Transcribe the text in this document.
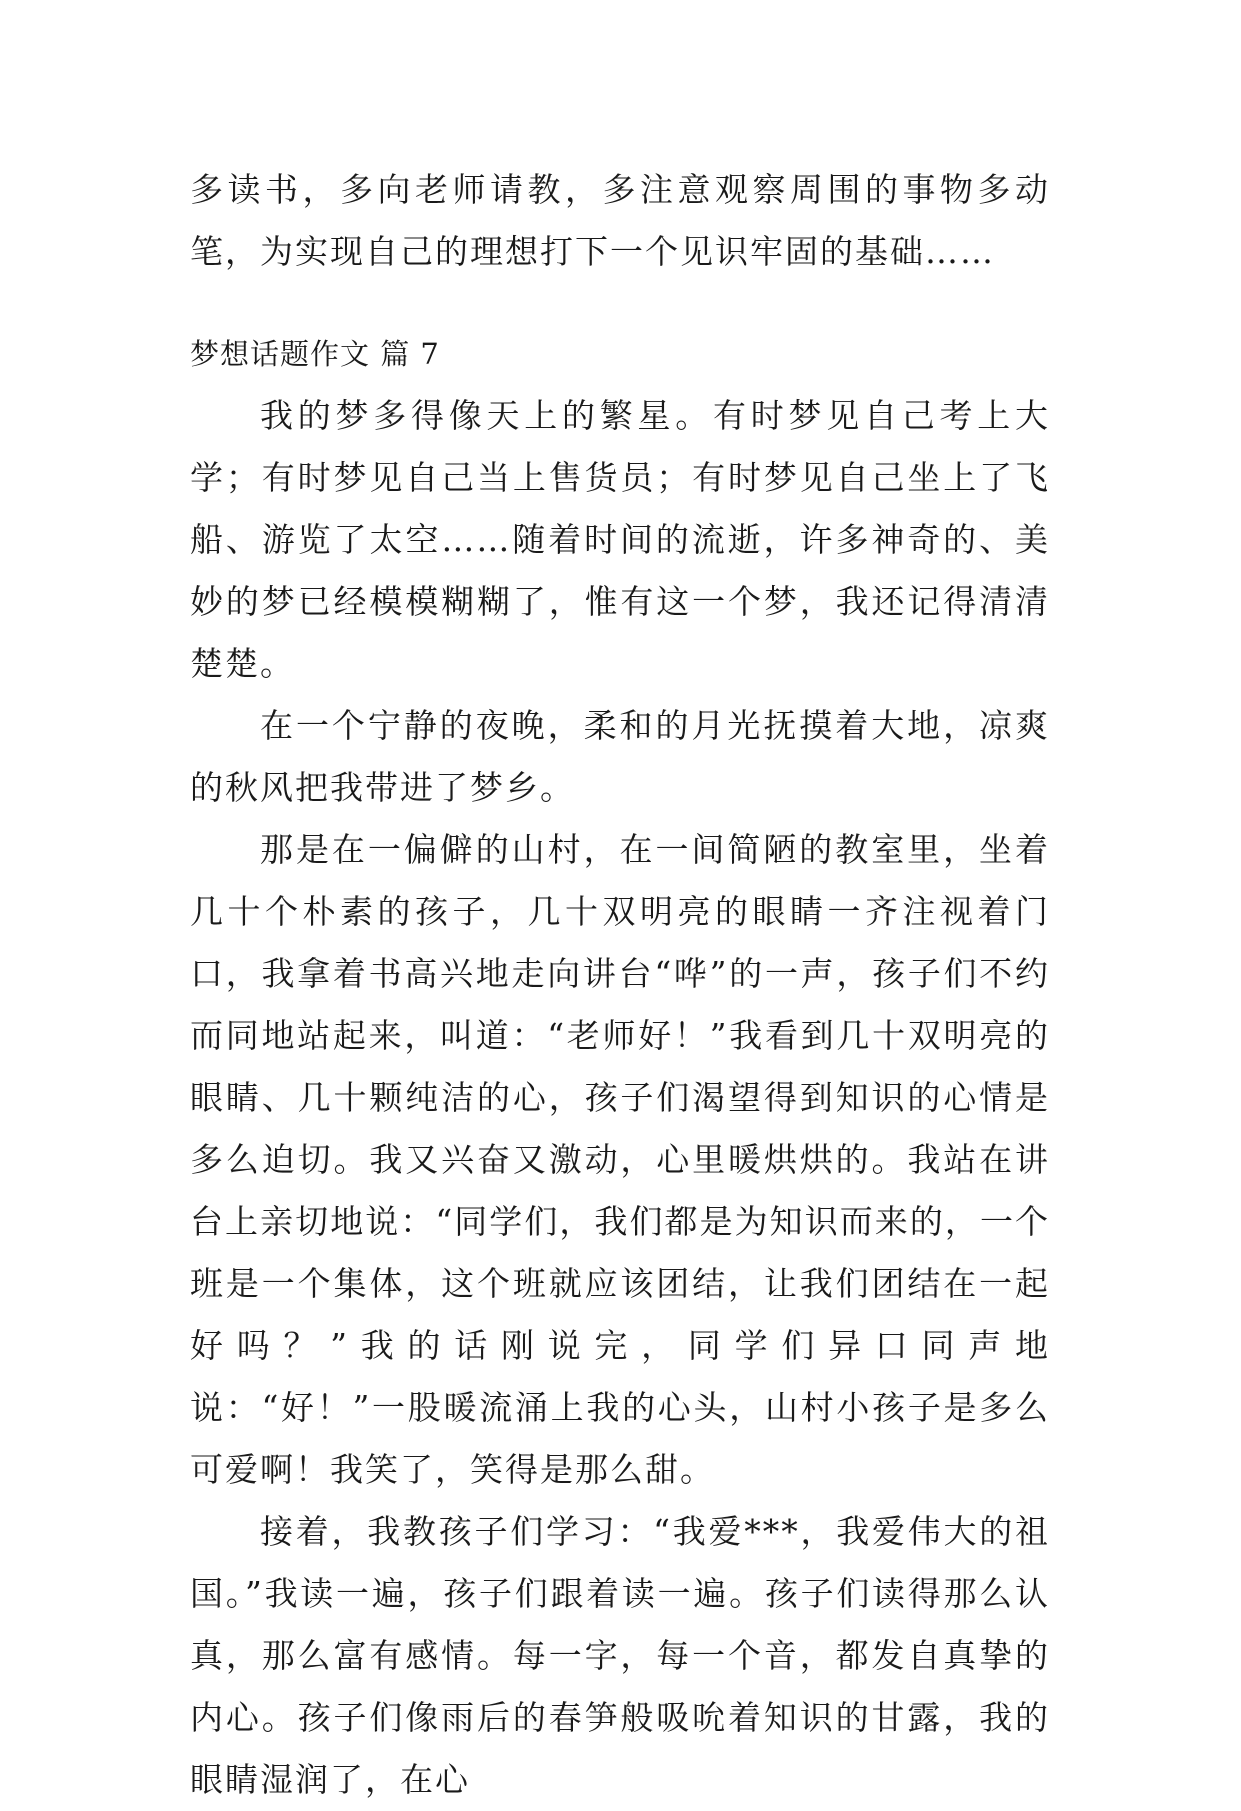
多读书，多向老师请教，多注意观察周围的事物多动笔，为实现自己的理想打下一个见识牢固的基础……

梦想话题作文 篇 7

我的梦多得像天上的繁星。有时梦见自己考上大学；有时梦见自己当上售货员；有时梦见自己坐上了飞船、游览了太空……随着时间的流逝，许多神奇的、美妙的梦已经模模糊糊了，惟有这一个梦，我还记得清清楚楚。

在一个宁静的夜晚，柔和的月光抚摸着大地，凉爽的秋风把我带进了梦乡。

那是在一偏僻的山村，在一间简陋的教室里，坐着几十个朴素的孩子，几十双明亮的眼睛一齐注视着门口，我拿着书高兴地走向讲台“哗”的一声，孩子们不约而同地站起来，叫道：“老师好！”我看到几十双明亮的眼睛、几十颗纯洁的心，孩子们渴望得到知识的心情是多么迫切。我又兴奋又激动，心里暖烘烘的。我站在讲台上亲切地说：“同学们，我们都是为知识而来的，一个班是一个集体，这个班就应该团结，让我们团结在一起好吗？”我的话刚说完，同学们异口同声地说：“好！”一股暖流涌上我的心头，山村小孩子是多么可爱啊！我笑了，笑得是那么甜。

接着，我教孩子们学习：“我爱***，我爱伟大的祖国。”我读一遍，孩子们跟着读一遍。孩子们读得那么认真，那么富有感情。每一字，每一个音，都发自真挚的内心。孩子们像雨后的春笋般吸吮着知识的甘露，我的眼睛湿润了，在心
